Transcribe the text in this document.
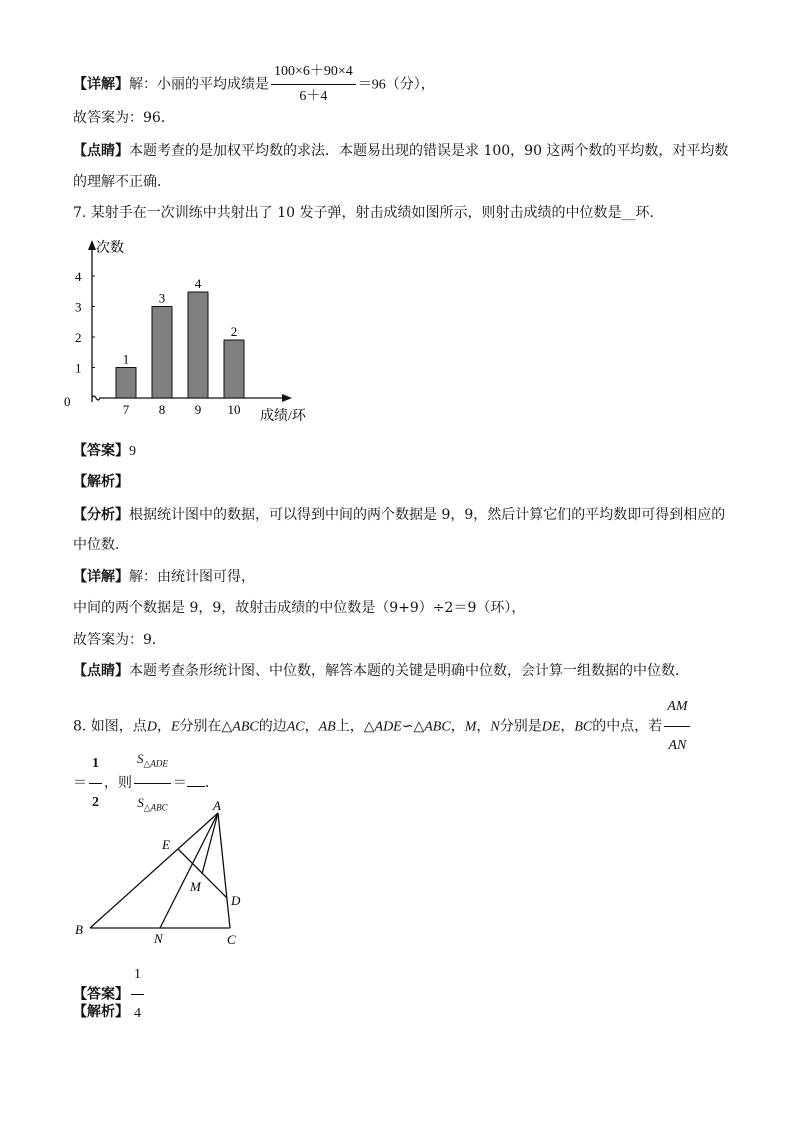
【详解】解：小丽的平均成绩是 $\frac{100\times 6+90\times 4}{6+4} =96$（分），
故答案为：96．
【点睛】本题考查的是加权平均数的求法．本题易出现的错误是求 100，90 这两个数的平均数，对平均数
的理解不正确．
7. 某射手在一次训练中共射出了 10 发子弹，射击成绩如图所示，则射击成绩的中位数是__环．
次数
成绩/环
0
1
2
3
4
1
7
3
8
4
9
2
10
【答案】9
【解析】
【分析】根据统计图中的数据，可以得到中间的两个数据是 9，9，然后计算它们的平均数即可得到相应的
中位数．
【详解】解：由统计图可得，
中间的两个数据是 9，9，故射击成绩的中位数是（9+9）÷2＝9（环），
故答案为：9．
【点睛】本题考查条形统计图、中位数，解答本题的关键是明确中位数，会计算一组数据的中位数．
8. 如图，点D，E分别在△ABC的边AC，AB上，△ADE∽△ABC，M，N分别是DE，BC的中点，若 $\frac{AM}{AN}$
＝ $\frac{1}{2}$ ，则 $\frac{S_{\triangle ADE}}{S_{\triangle ABC}}$ ＝ ．
A
E
M
D
B
N	C
【答案】 $\frac{1}{4}$
【解析】
